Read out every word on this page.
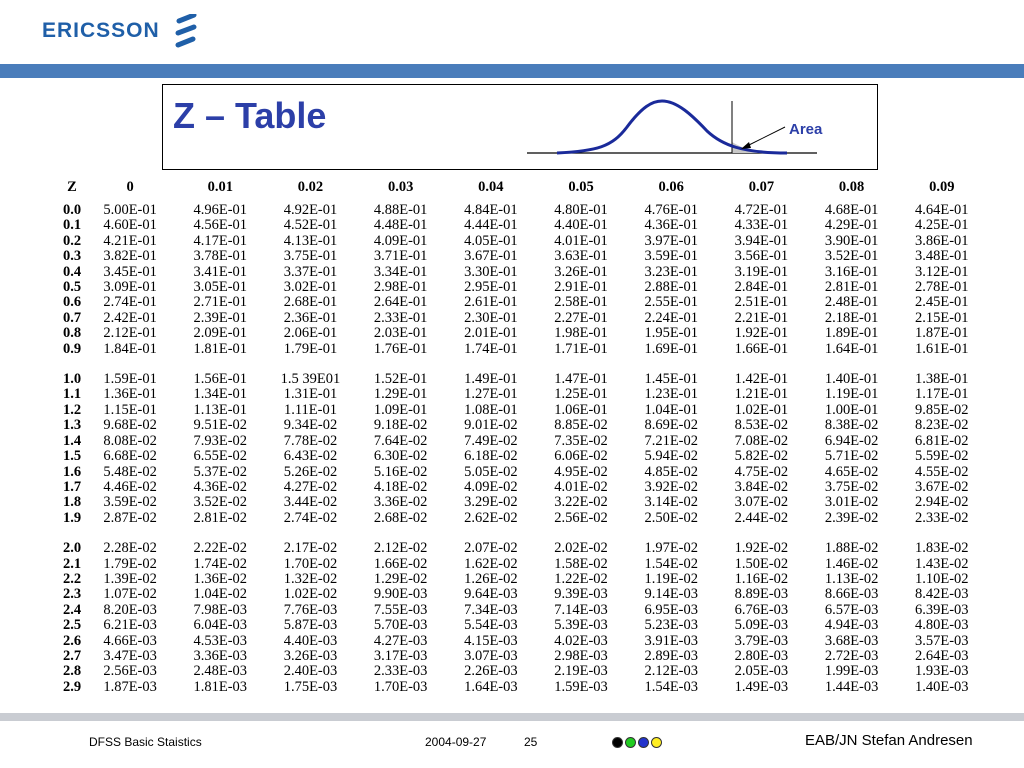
ERICSSON
Z – Table	Area
Z	0	0.01	0.02	0.03	0.04	0.05	0.06	0.07	0.08	0.09
0.0	5.00E-01	4.96E-01	4.92E-01	4.88E-01	4.84E-01	4.80E-01	4.76E-01	4.72E-01	4.68E-01	4.64E-01
0.1	4.60E-01	4.56E-01	4.52E-01	4.48E-01	4.44E-01	4.40E-01	4.36E-01	4.33E-01	4.29E-01	4.25E-01
0.2	4.21E-01	4.17E-01	4.13E-01	4.09E-01	4.05E-01	4.01E-01	3.97E-01	3.94E-01	3.90E-01	3.86E-01
0.3	3.82E-01	3.78E-01	3.75E-01	3.71E-01	3.67E-01	3.63E-01	3.59E-01	3.56E-01	3.52E-01	3.48E-01
0.4	3.45E-01	3.41E-01	3.37E-01	3.34E-01	3.30E-01	3.26E-01	3.23E-01	3.19E-01	3.16E-01	3.12E-01
0.5	3.09E-01	3.05E-01	3.02E-01	2.98E-01	2.95E-01	2.91E-01	2.88E-01	2.84E-01	2.81E-01	2.78E-01
0.6	2.74E-01	2.71E-01	2.68E-01	2.64E-01	2.61E-01	2.58E-01	2.55E-01	2.51E-01	2.48E-01	2.45E-01
0.7	2.42E-01	2.39E-01	2.36E-01	2.33E-01	2.30E-01	2.27E-01	2.24E-01	2.21E-01	2.18E-01	2.15E-01
0.8	2.12E-01	2.09E-01	2.06E-01	2.03E-01	2.01E-01	1.98E-01	1.95E-01	1.92E-01	1.89E-01	1.87E-01
0.9	1.84E-01	1.81E-01	1.79E-01	1.76E-01	1.74E-01	1.71E-01	1.69E-01	1.66E-01	1.64E-01	1.61E-01

1.0	1.59E-01	1.56E-01	1.5 39E01	1.52E-01	1.49E-01	1.47E-01	1.45E-01	1.42E-01	1.40E-01	1.38E-01
1.1	1.36E-01	1.34E-01	1.31E-01	1.29E-01	1.27E-01	1.25E-01	1.23E-01	1.21E-01	1.19E-01	1.17E-01
1.2	1.15E-01	1.13E-01	1.11E-01	1.09E-01	1.08E-01	1.06E-01	1.04E-01	1.02E-01	1.00E-01	9.85E-02
1.3	9.68E-02	9.51E-02	9.34E-02	9.18E-02	9.01E-02	8.85E-02	8.69E-02	8.53E-02	8.38E-02	8.23E-02
1.4	8.08E-02	7.93E-02	7.78E-02	7.64E-02	7.49E-02	7.35E-02	7.21E-02	7.08E-02	6.94E-02	6.81E-02
1.5	6.68E-02	6.55E-02	6.43E-02	6.30E-02	6.18E-02	6.06E-02	5.94E-02	5.82E-02	5.71E-02	5.59E-02
1.6	5.48E-02	5.37E-02	5.26E-02	5.16E-02	5.05E-02	4.95E-02	4.85E-02	4.75E-02	4.65E-02	4.55E-02
1.7	4.46E-02	4.36E-02	4.27E-02	4.18E-02	4.09E-02	4.01E-02	3.92E-02	3.84E-02	3.75E-02	3.67E-02
1.8	3.59E-02	3.52E-02	3.44E-02	3.36E-02	3.29E-02	3.22E-02	3.14E-02	3.07E-02	3.01E-02	2.94E-02
1.9	2.87E-02	2.81E-02	2.74E-02	2.68E-02	2.62E-02	2.56E-02	2.50E-02	2.44E-02	2.39E-02	2.33E-02

2.0	2.28E-02	2.22E-02	2.17E-02	2.12E-02	2.07E-02	2.02E-02	1.97E-02	1.92E-02	1.88E-02	1.83E-02
2.1	1.79E-02	1.74E-02	1.70E-02	1.66E-02	1.62E-02	1.58E-02	1.54E-02	1.50E-02	1.46E-02	1.43E-02
2.2	1.39E-02	1.36E-02	1.32E-02	1.29E-02	1.26E-02	1.22E-02	1.19E-02	1.16E-02	1.13E-02	1.10E-02
2.3	1.07E-02	1.04E-02	1.02E-02	9.90E-03	9.64E-03	9.39E-03	9.14E-03	8.89E-03	8.66E-03	8.42E-03
2.4	8.20E-03	7.98E-03	7.76E-03	7.55E-03	7.34E-03	7.14E-03	6.95E-03	6.76E-03	6.57E-03	6.39E-03
2.5	6.21E-03	6.04E-03	5.87E-03	5.70E-03	5.54E-03	5.39E-03	5.23E-03	5.09E-03	4.94E-03	4.80E-03
2.6	4.66E-03	4.53E-03	4.40E-03	4.27E-03	4.15E-03	4.02E-03	3.91E-03	3.79E-03	3.68E-03	3.57E-03
2.7	3.47E-03	3.36E-03	3.26E-03	3.17E-03	3.07E-03	2.98E-03	2.89E-03	2.80E-03	2.72E-03	2.64E-03
2.8	2.56E-03	2.48E-03	2.40E-03	2.33E-03	2.26E-03	2.19E-03	2.12E-03	2.05E-03	1.99E-03	1.93E-03
2.9	1.87E-03	1.81E-03	1.75E-03	1.70E-03	1.64E-03	1.59E-03	1.54E-03	1.49E-03	1.44E-03	1.40E-03
DFSS Basic Staistics	2004-09-27	25	EAB/JN Stefan Andresen
